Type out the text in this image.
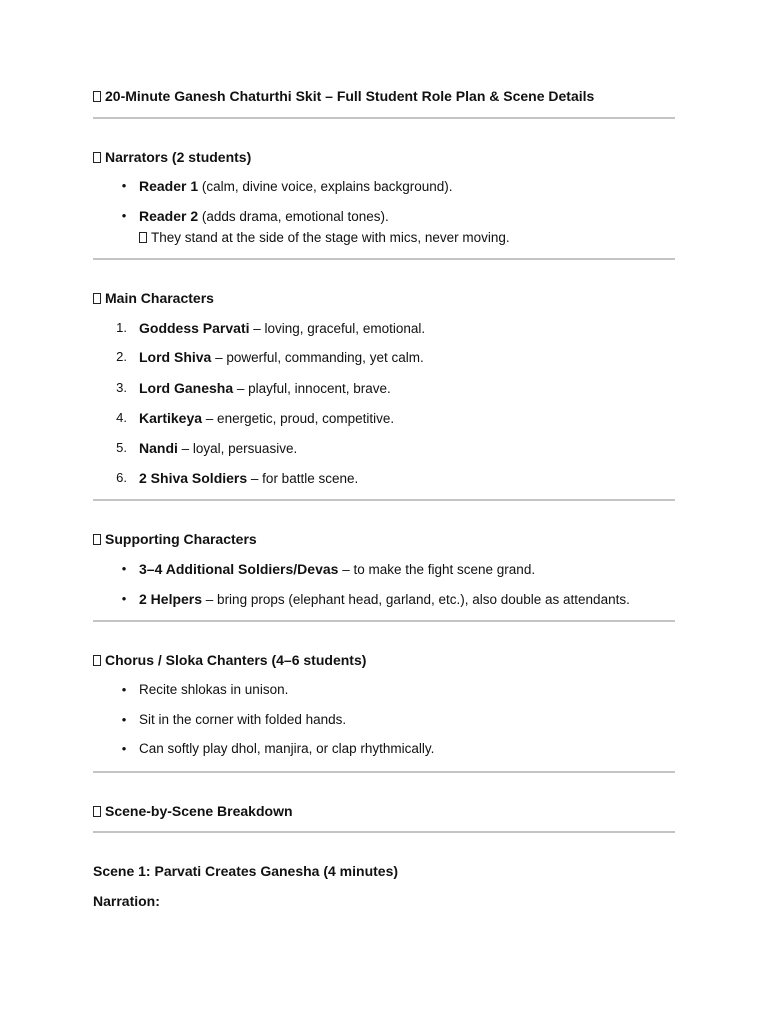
20-Minute Ganesh Chaturthi Skit – Full Student Role Plan & Scene Details
Narrators (2 students)
• Reader 1 (calm, divine voice, explains background).
• Reader 2 (adds drama, emotional tones).
They stand at the side of the stage with mics, never moving.
Main Characters
1. Goddess Parvati – loving, graceful, emotional.
2. Lord Shiva – powerful, commanding, yet calm.
3. Lord Ganesha – playful, innocent, brave.
4. Kartikeya – energetic, proud, competitive.
5. Nandi – loyal, persuasive.
6. 2 Shiva Soldiers – for battle scene.
Supporting Characters
• 3–4 Additional Soldiers/Devas – to make the fight scene grand.
• 2 Helpers – bring props (elephant head, garland, etc.), also double as attendants.
Chorus / Sloka Chanters (4–6 students)
• Recite shlokas in unison.
• Sit in the corner with folded hands.
• Can softly play dhol, manjira, or clap rhythmically.
Scene-by-Scene Breakdown
Scene 1: Parvati Creates Ganesha (4 minutes)
Narration:
